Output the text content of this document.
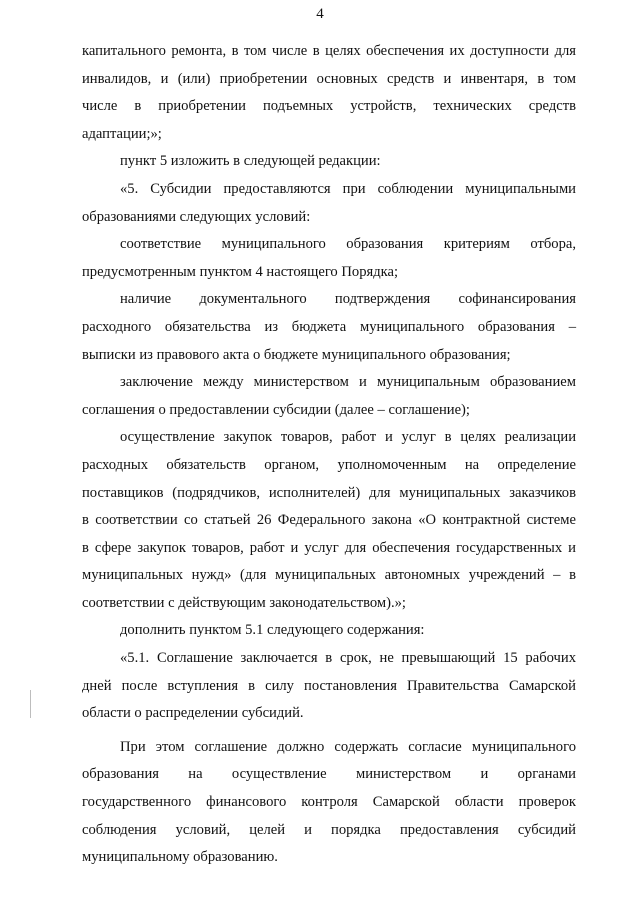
4

капитального ремонта, в том числе в целях обеспечения их доступности для
инвалидов, и (или) приобретении основных средств и инвентаря, в том
числе в приобретении подъемных устройств, технических средств
адаптации;»;

пункт 5 изложить в следующей редакции:

«5. Субсидии предоставляются при соблюдении муниципальными
образованиями следующих условий:

соответствие муниципального образования критериям отбора,
предусмотренным пунктом 4 настоящего Порядка;

наличие документального подтверждения софинансирования
расходного обязательства из бюджета муниципального образования –
выписки из правового акта о бюджете муниципального образования;

заключение между министерством и муниципальным образованием
соглашения о предоставлении субсидии (далее – соглашение);

осуществление закупок товаров, работ и услуг в целях реализации
расходных обязательств органом, уполномоченным на определение
поставщиков (подрядчиков, исполнителей) для муниципальных заказчиков
в соответствии со статьей 26 Федерального закона «О контрактной системе
в сфере закупок товаров, работ и услуг для обеспечения государственных и
муниципальных нужд» (для муниципальных автономных учреждений – в
соответствии с действующим законодательством).»;

дополнить пунктом 5.1 следующего содержания:

«5.1. Соглашение заключается в срок, не превышающий 15 рабочих
дней после вступления в силу постановления Правительства Самарской
области о распределении субсидий.

При этом соглашение должно содержать согласие муниципального
образования на осуществление министерством и органами
государственного финансового контроля Самарской области проверок
соблюдения условий, целей и порядка предоставления субсидий
муниципальному образованию.
